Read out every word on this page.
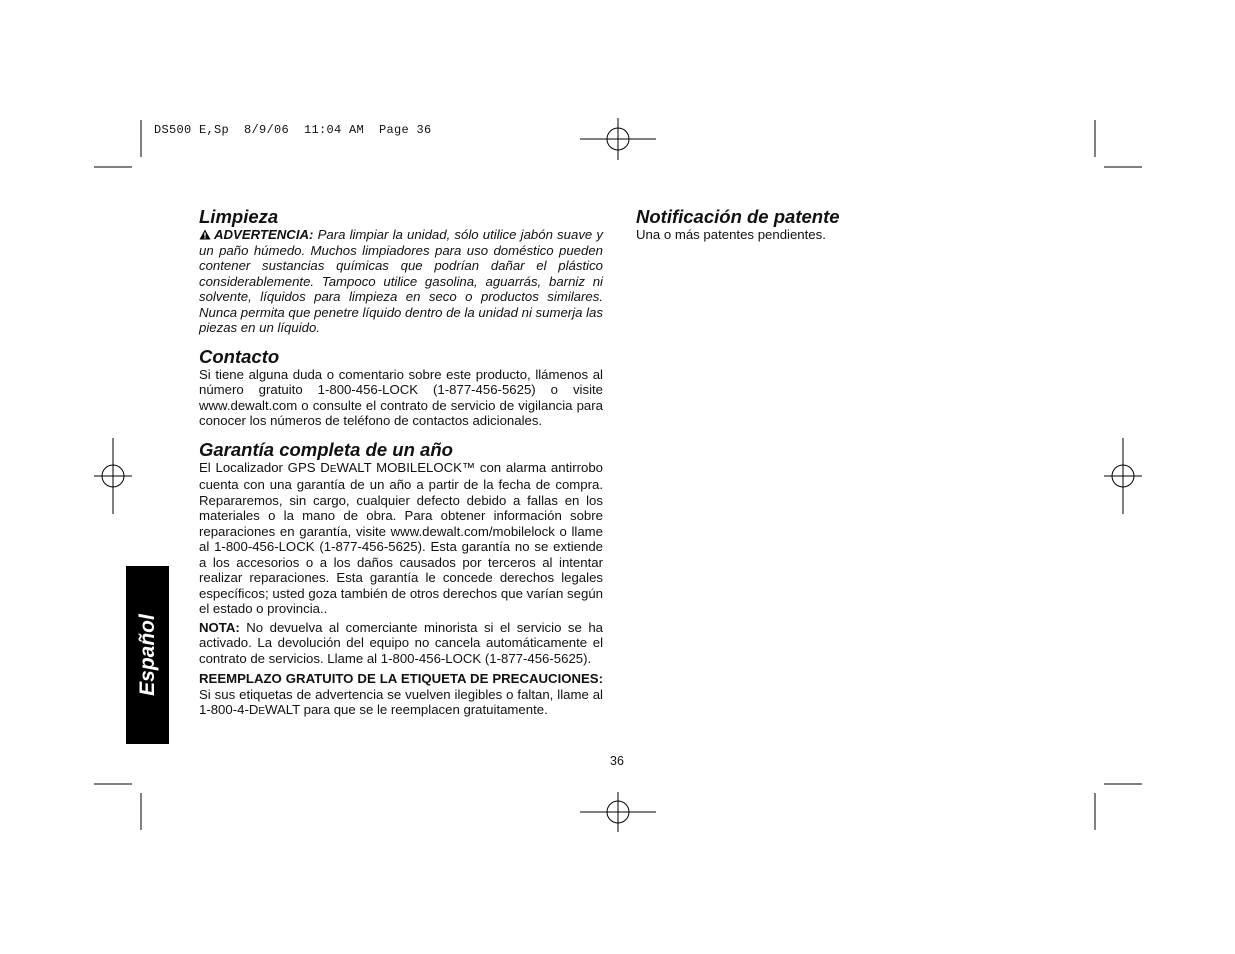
DS500 E,Sp  8/9/06  11:04 AM  Page 36
Limpieza

ADVERTENCIA: Para limpiar la unidad, sólo utilice jabón suave y un paño húmedo. Muchos limpiadores para uso doméstico pueden contener sustancias químicas que podrían dañar el plástico considerablemente. Tampoco utilice gasolina, aguarrás, barniz ni solvente, líquidos para limpieza en seco o productos similares. Nunca permita que penetre líquido dentro de la unidad ni sumerja las piezas en un líquido.

Contacto

Si tiene alguna duda o comentario sobre este producto, llámenos al número gratuito 1-800-456-LOCK (1-877-456-5625) o visite www.dewalt.com o consulte el contrato de servicio de vigilancia para conocer los números de teléfono de contactos adicionales.

Garantía completa de un año

El Localizador GPS DEWALT MOBILELOCK™ con alarma antirrobo cuenta con una garantía de un año a partir de la fecha de compra. Repararemos, sin cargo, cualquier defecto debido a fallas en los materiales o la mano de obra. Para obtener información sobre reparaciones en garantía, visite www.dewalt.com/mobilelock o llame al 1-800-456-LOCK (1-877-456-5625). Esta garantía no se extiende a los accesorios o a los daños causados por terceros al intentar realizar reparaciones. Esta garantía le concede derechos legales específicos; usted goza también de otros derechos que varían según el estado o provincia..

NOTA: No devuelva al comerciante minorista si el servicio se ha activado. La devolución del equipo no cancela automáticamente el contrato de servicios. Llame al 1-800-456-LOCK (1-877-456-5625).

REEMPLAZO GRATUITO DE LA ETIQUETA DE PRECAUCIONES: Si sus etiquetas de advertencia se vuelven ilegibles o faltan, llame al 1-800-4-DEWALT para que se le reemplacen gratuitamente.

Notificación de patente

Una o más patentes pendientes.

Español
36
